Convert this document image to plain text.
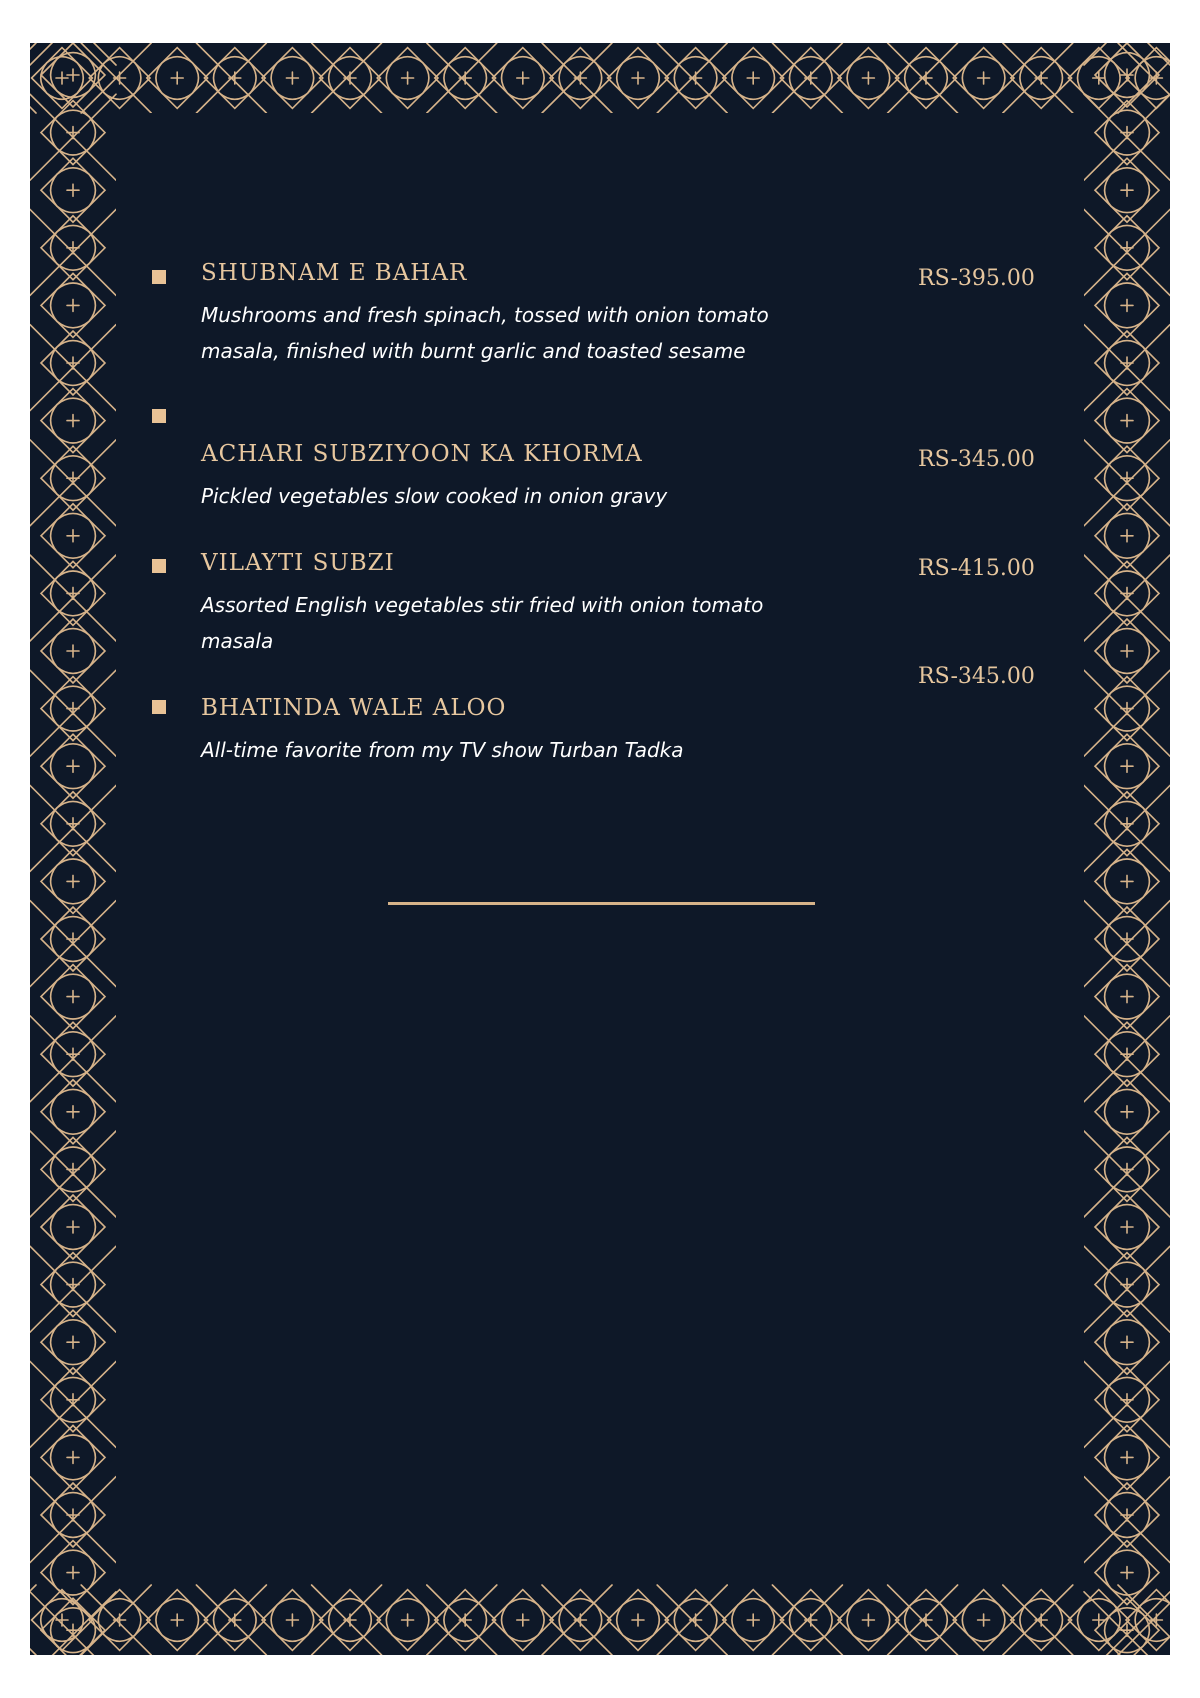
SHUBNAM E BAHAR
Mushrooms and fresh spinach, tossed with onion tomato masala, finished with burnt garlic and toasted sesame
RS-395.00
ACHARI SUBZIYOON KA KHORMA
Pickled vegetables slow cooked in onion gravy
RS-345.00
VILAYTI SUBZI
Assorted English vegetables stir fried with onion tomato masala
RS-415.00
BHATINDA WALE ALOO
All-time favorite from my TV show Turban Tadka
RS-345.00
